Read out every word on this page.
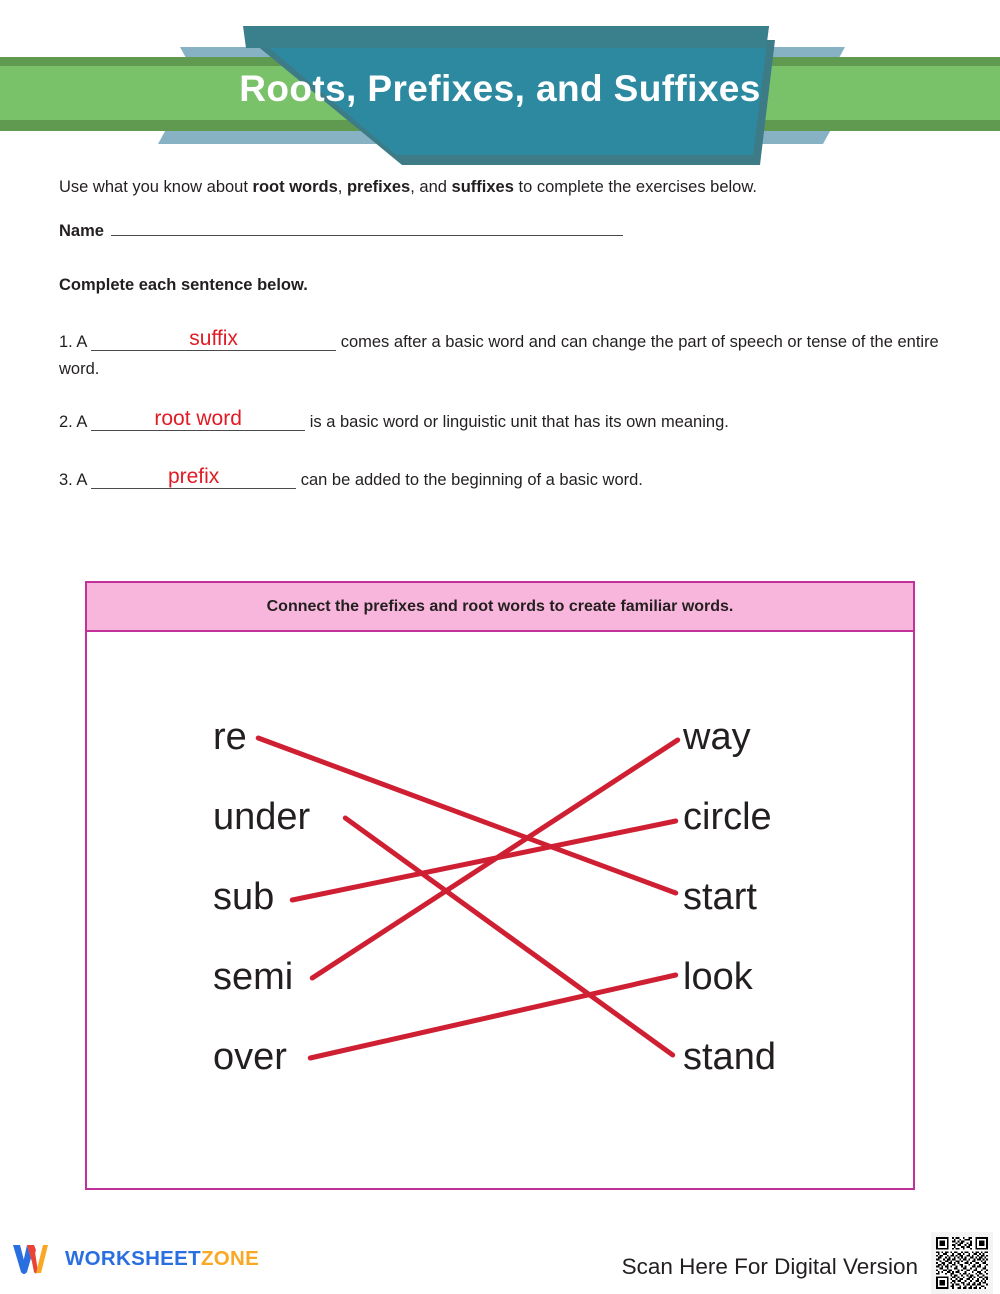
Roots, Prefixes, and Suffixes
Use what you know about root words, prefixes, and suffixes to complete the exercises below.
Name
Complete each sentence below.
1. A	suffix	comes after a basic word and can change the part of speech or tense of the entire word.
2. A	root word	is a basic word or linguistic unit that has its own meaning.
3. A	prefix	can be added to the beginning of a basic word.
Connect the prefixes and root words to create familiar words.
re
under
sub
semi
over
way
circle
start
look
stand
WORKSHEETZONE	Scan Here For Digital Version
